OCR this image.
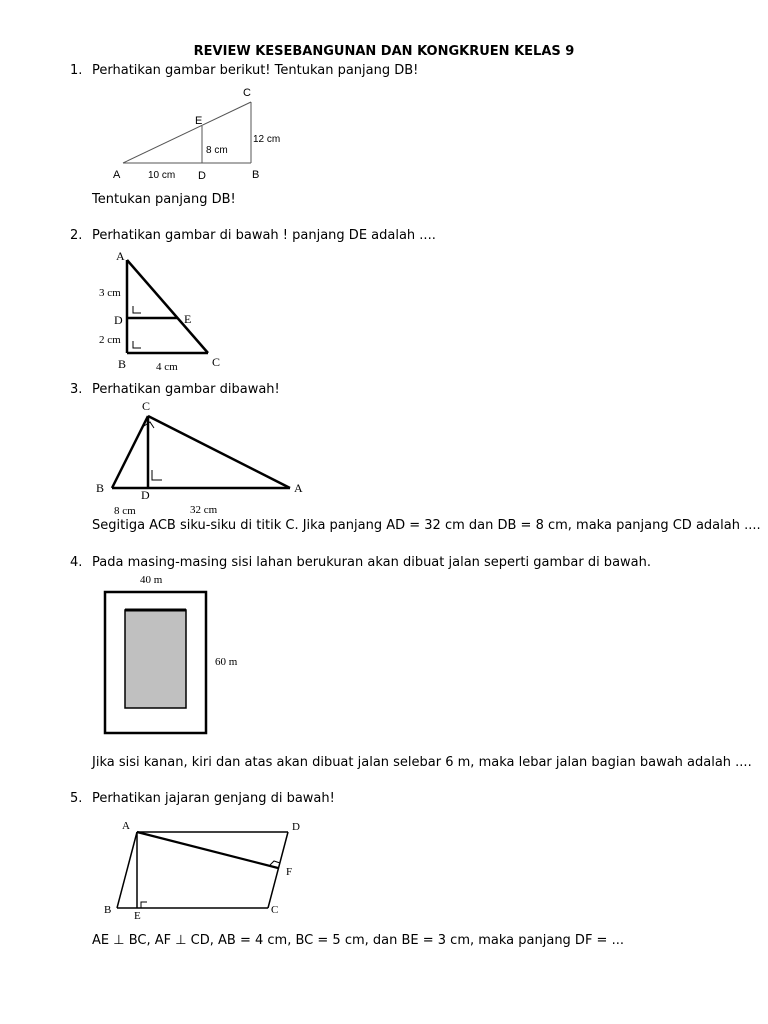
REVIEW KESEBANGUNAN DAN KONGKRUEN KELAS 9
1. Perhatikan gambar berikut! Tentukan panjang DB!
C
E
12 cm
8 cm
A	10 cm D	B
Tentukan panjang DB!
2. Perhatikan gambar di bawah ! panjang DE adalah ....
A
3 cm
D	E
2 cm
B	4 cm	C
3. Perhatikan gambar dibawah!
C
B	D	A
8 cm	32 cm
Segitiga ACB siku-siku di titik C. Jika panjang AD = 32 cm dan DB = 8 cm, maka panjang CD adalah ....
4. Pada masing-masing sisi lahan berukuran akan dibuat jalan seperti gambar di bawah.
40 m
60 m
Jika sisi kanan, kiri dan atas akan dibuat jalan selebar 6 m, maka lebar jalan bagian bawah adalah ....
5. Perhatikan jajaran genjang di bawah!
A	D
F
B E	C
AE ⊥ BC, AF ⊥ CD, AB = 4 cm, BC = 5 cm, dan BE = 3 cm, maka panjang DF = ...
